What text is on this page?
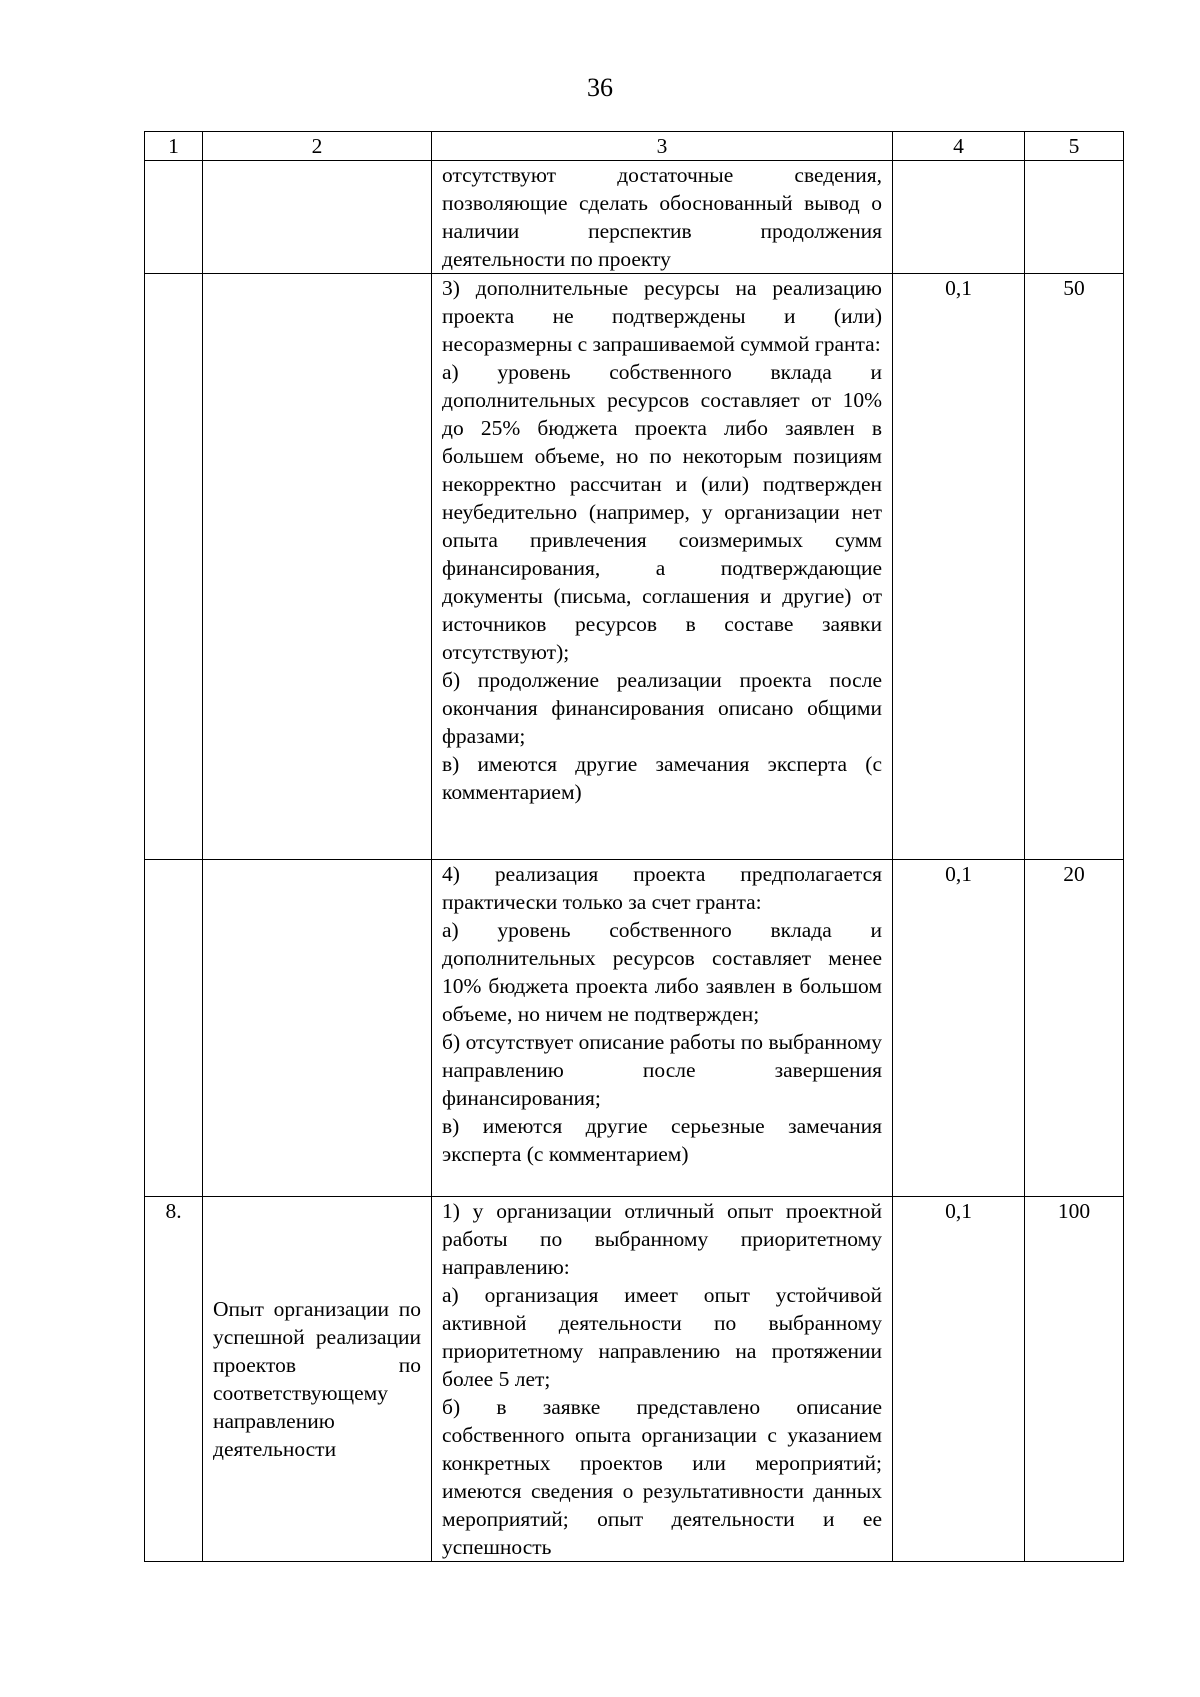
36
1	2	3	4	5

		отсутствуют достаточные сведения, позволяющие сделать обоснованный вывод о наличии перспектив продолжения деятельности по проекту		

		3) дополнительные ресурсы на реализацию проекта не подтверждены и (или) несоразмерны с запрашиваемой суммой гранта:
а) уровень собственного вклада и дополнительных ресурсов составляет от 10% до 25% бюджета проекта либо заявлен в большем объеме, но по некоторым позициям некорректно рассчитан и (или) подтвержден неубедительно (например, у организации нет опыта привлечения соизмеримых сумм финансирования, а подтверждающие документы (письма, соглашения и другие) от источников ресурсов в составе заявки отсутствуют);
б) продолжение реализации проекта после окончания финансирования описано общими фразами;
в) имеются другие замечания эксперта (с комментарием)	0,1	50

		4) реализация проекта предполагается практически только за счет гранта:
а) уровень собственного вклада и дополнительных ресурсов составляет менее 10% бюджета проекта либо заявлен в большом объеме, но ничем не подтвержден;
б) отсутствует описание работы по выбранному направлению после завершения финансирования;
в) имеются другие серьезные замечания эксперта (с комментарием)	0,1	20
8.	Опыт организации по успешной реализации проектов по соответствующему направлению деятельности	1) у организации отличный опыт проектной работы по выбранному приоритетному направлению:
а) организация имеет опыт устойчивой активной деятельности по выбранному приоритетному направлению на протяжении более 5 лет;
б) в заявке представлено описание собственного опыта организации с указанием конкретных проектов или мероприятий; имеются сведения о результативности данных мероприятий; опыт деятельности и ее успешность	0,1	100
